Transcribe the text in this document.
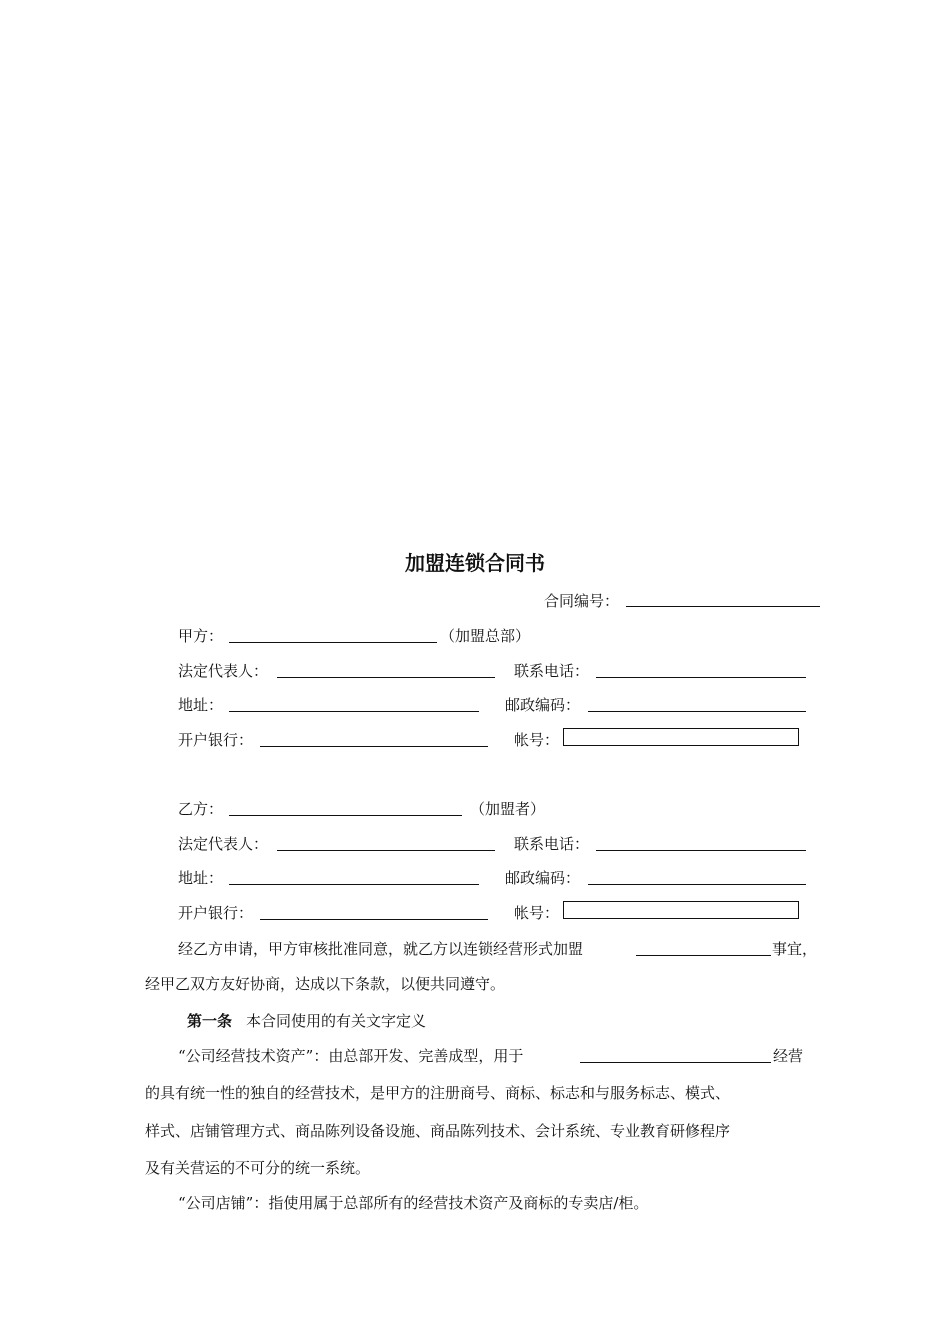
加盟连锁合同书
合同编号：
甲方：	（加盟总部）
法定代表人：	联系电话：
地址：	邮政编码：
开户银行：	帐号：
乙方：	（加盟者）
法定代表人：	联系电话：
地址：	邮政编码：
开户银行：	帐号：
经乙方申请，甲方审核批准同意，就乙方以连锁经营形式加盟	事宜，
经甲乙双方友好协商，达成以下条款，以便共同遵守。
第一条 本合同使用的有关文字定义
“公司经营技术资产”：由总部开发、完善成型，用于	经营
的具有统一性的独自的经营技术，是甲方的注册商号、商标、标志和与服务标志、模式、
样式、店铺管理方式、商品陈列设备设施、商品陈列技术、会计系统、专业教育研修程序
及有关营运的不可分的统一系统。
“公司店铺”：指使用属于总部所有的经营技术资产及商标的专卖店/柜。
